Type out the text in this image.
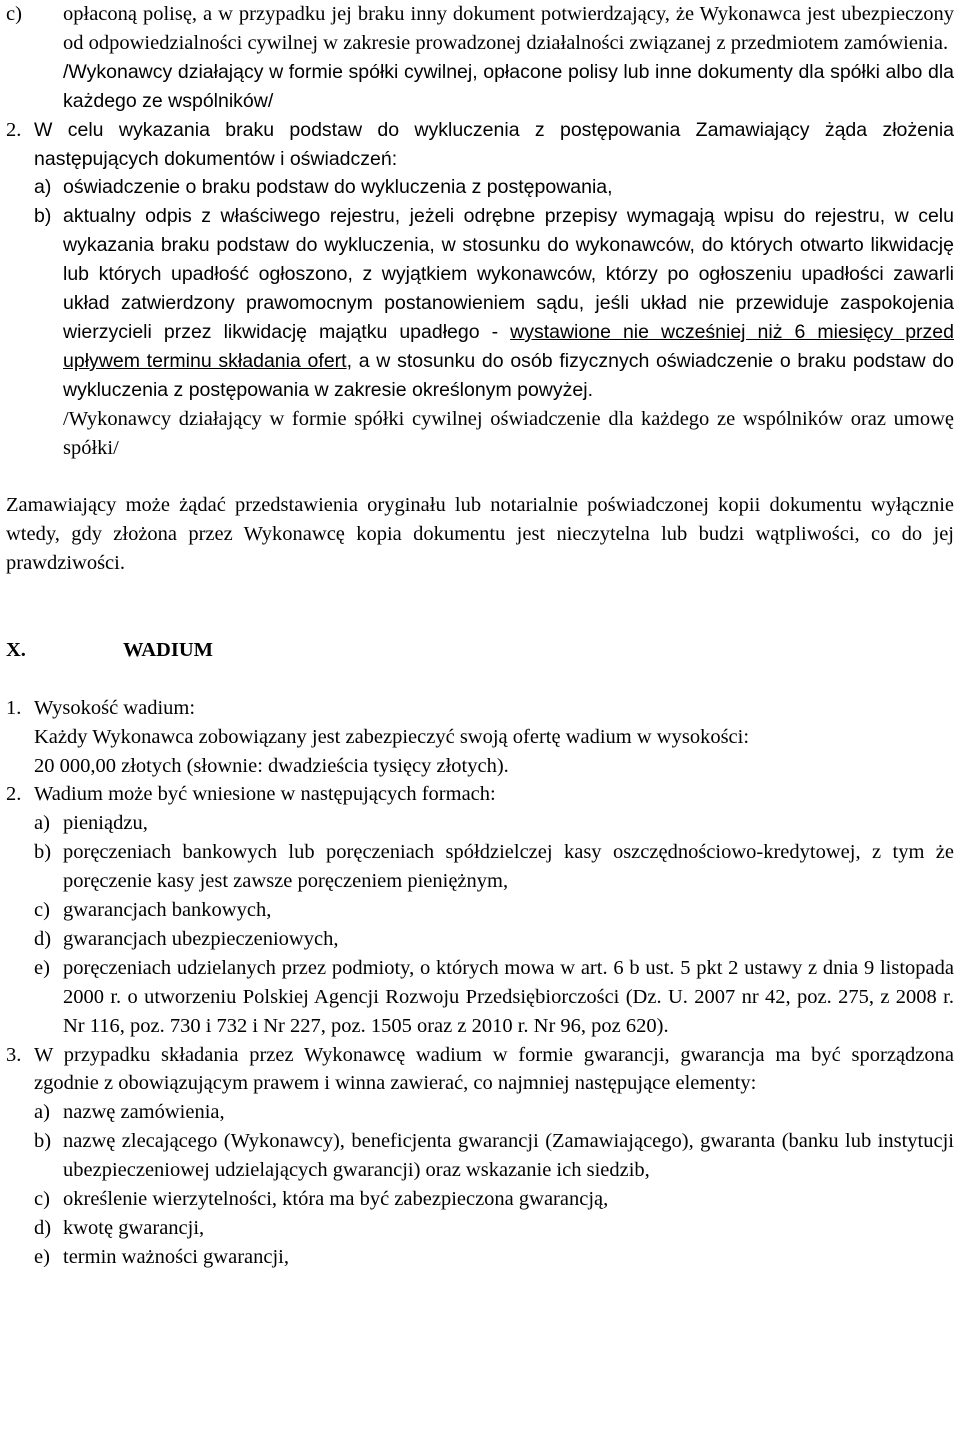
c)	opłaconą polisę, a w przypadku jej braku inny dokument potwierdzający, że Wykonawca jest ubezpieczony od odpowiedzialności cywilnej w zakresie prowadzonej działalności związanej z przedmiotem zamówienia.

/Wykonawcy działający w formie spółki cywilnej, opłacone polisy lub inne dokumenty dla spółki albo dla każdego ze wspólników/

2. W celu wykazania braku podstaw do wykluczenia z postępowania Zamawiający żąda złożenia następujących dokumentów i oświadczeń:
a) oświadczenie o braku podstaw do wykluczenia z postępowania,
b) aktualny odpis z właściwego rejestru, jeżeli odrębne przepisy wymagają wpisu do rejestru, w celu wykazania braku podstaw do wykluczenia, w stosunku do wykonawców, do których otwarto likwidację lub których upadłość ogłoszono, z wyjątkiem wykonawców, którzy po ogłoszeniu upadłości zawarli układ zatwierdzony prawomocnym postanowieniem sądu, jeśli układ nie przewiduje zaspokojenia wierzycieli przez likwidację majątku upadłego - wystawione nie wcześniej niż 6 miesięcy przed upływem terminu składania ofert, a w stosunku do osób fizycznych oświadczenie o braku podstaw do wykluczenia z postępowania w zakresie określonym powyżej.

/Wykonawcy działający w formie spółki cywilnej oświadczenie dla każdego ze wspólników oraz umowę spółki/

Zamawiający może żądać przedstawienia oryginału lub notarialnie poświadczonej kopii dokumentu wyłącznie wtedy, gdy złożona przez Wykonawcę kopia dokumentu jest nieczytelna lub budzi wątpliwości, co do jej prawdziwości.

X.	WADIUM
1. Wysokość wadium:

Każdy Wykonawca zobowiązany jest zabezpieczyć swoją ofertę wadium w wysokości:

20 000,00 złotych (słownie: dwadzieścia tysięcy złotych).

2. Wadium może być wniesione w następujących formach:
a) pieniądzu,
b) poręczeniach bankowych lub poręczeniach spółdzielczej kasy oszczędnościowo-kredytowej, z tym że poręczenie kasy jest zawsze poręczeniem pieniężnym,
c) gwarancjach bankowych,
d) gwarancjach ubezpieczeniowych,
e) poręczeniach udzielanych przez podmioty, o których mowa w art. 6 b ust. 5 pkt 2 ustawy z dnia 9 listopada 2000 r. o utworzeniu Polskiej Agencji Rozwoju Przedsiębiorczości (Dz. U. 2007 nr 42, poz. 275, z 2008 r. Nr 116, poz. 730 i 732 i Nr 227, poz. 1505 oraz z 2010 r. Nr 96, poz 620).
3. W przypadku składania przez Wykonawcę wadium w formie gwarancji, gwarancja ma być sporządzona zgodnie z obowiązującym prawem i winna zawierać, co najmniej następujące elementy:
a) nazwę zamówienia,
b) nazwę zlecającego (Wykonawcy), beneficjenta gwarancji (Zamawiającego), gwaranta (banku lub instytucji ubezpieczeniowej udzielających gwarancji) oraz wskazanie ich siedzib,
c) określenie wierzytelności, która ma być zabezpieczona gwarancją,
d) kwotę gwarancji,
e) termin ważności gwarancji,
